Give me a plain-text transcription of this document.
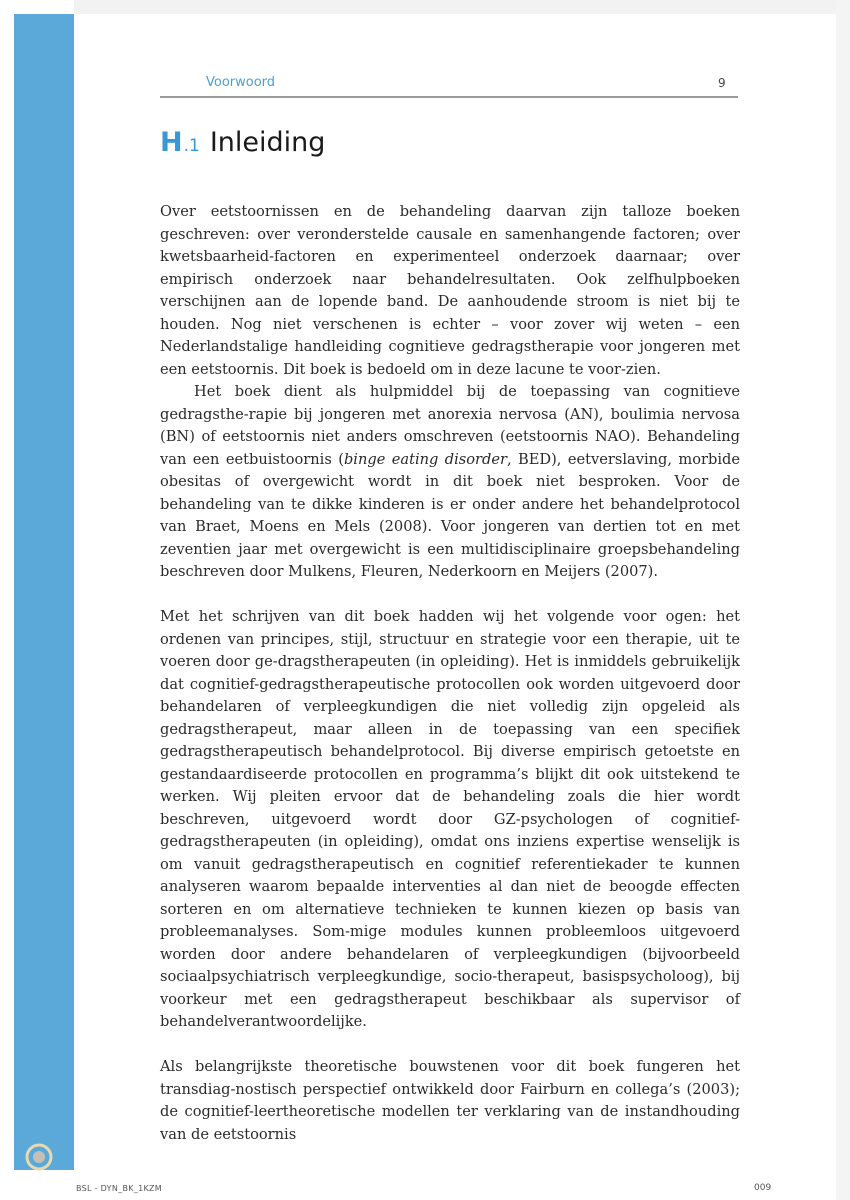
Voorwoord	9
H .1 Inleiding

Over eetstoornissen en de behandeling daarvan zijn talloze boeken geschreven: over veronderstelde causale en samenhangende factoren; over kwetsbaarheid-factoren en experimenteel onderzoek daarnaar; over empirisch onderzoek naar behandelresultaten. Ook zelfhulpboeken verschijnen aan de lopende band. De aanhoudende stroom is niet bij te houden. Nog niet verschenen is echter – voor zover wij weten – een Nederlandstalige handleiding cognitieve gedragstherapie voor jongeren met een eetstoornis. Dit boek is bedoeld om in deze lacune te voor-zien.

Het boek dient als hulpmiddel bij de toepassing van cognitieve gedragsthe-rapie bij jongeren met anorexia nervosa (AN), boulimia nervosa (BN) of eetstoornis niet anders omschreven (eetstoornis NAO). Behandeling van een eetbuistoornis (binge eating disorder, BED), eetverslaving, morbide obesitas of overgewicht wordt in dit boek niet besproken. Voor de behandeling van te dikke kinderen is er onder andere het behandelprotocol van Braet, Moens en Mels (2008). Voor jongeren van dertien tot en met zeventien jaar met overgewicht is een multidisciplinaire groepsbehandeling beschreven door Mulkens, Fleuren, Nederkoorn en Meijers (2007).

Met het schrijven van dit boek hadden wij het volgende voor ogen: het ordenen van principes, stijl, structuur en strategie voor een therapie, uit te voeren door ge-dragstherapeuten (in opleiding). Het is inmiddels gebruikelijk dat cognitief-gedragstherapeutische protocollen ook worden uitgevoerd door behandelaren of verpleegkundigen die niet volledig zijn opgeleid als gedragstherapeut, maar alleen in de toepassing van een specifiek gedragstherapeutisch behandelprotocol. Bij diverse empirisch getoetste en gestandaardiseerde protocollen en programma’s blijkt dit ook uitstekend te werken. Wij pleiten ervoor dat de behandeling zoals die hier wordt beschreven, uitgevoerd wordt door GZ-psychologen of cognitief-gedragstherapeuten (in opleiding), omdat ons inziens expertise wenselijk is om vanuit gedragstherapeutisch en cognitief referentiekader te kunnen analyseren waarom bepaalde interventies al dan niet de beoogde effecten sorteren en om alternatieve technieken te kunnen kiezen op basis van probleemanalyses. Som-mige modules kunnen probleemloos uitgevoerd worden door andere behandelaren of verpleegkundigen (bijvoorbeeld sociaalpsychiatrisch verpleegkundige, socio-therapeut, basispsycholoog), bij voorkeur met een gedragstherapeut beschikbaar als supervisor of behandelverantwoordelijke.

Als belangrijkste theoretische bouwstenen voor dit boek fungeren het transdiag-nostisch perspectief ontwikkeld door Fairburn en collega’s (2003); de cognitief-leertheoretische modellen ter verklaring van de instandhouding van de eetstoornis

BSL - DYN_BK_1KZM	009
